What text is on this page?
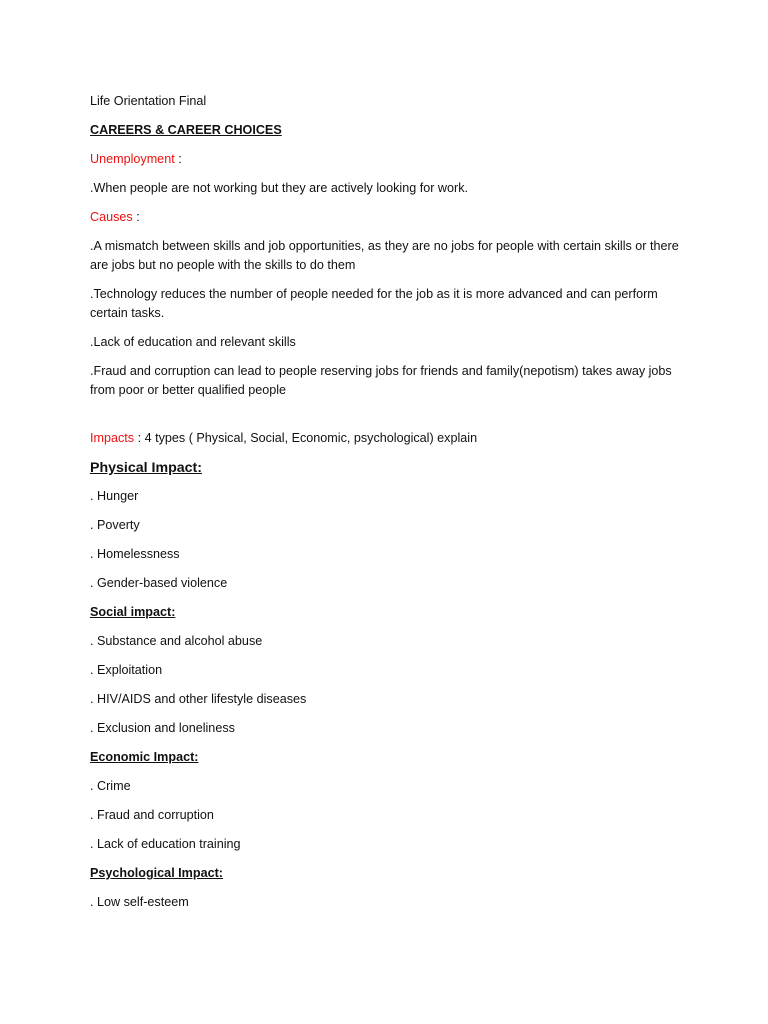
Life Orientation Final

CAREERS & CAREER CHOICES

Unemployment :

.When people are not working but they are actively looking for work.

Causes :

.A mismatch between skills and job opportunities, as they are no jobs for people with certain skills or there are jobs but no people with the skills to do them

.Technology reduces the number of people needed for the job as it is more advanced and can perform certain tasks.

.Lack of education and relevant skills

.Fraud and corruption can lead to people reserving jobs for friends and family(nepotism) takes away jobs from poor or better qualified people

Impacts : 4 types ( Physical, Social, Economic, psychological) explain

Physical Impact:

. Hunger

. Poverty

. Homelessness

. Gender-based violence

Social impact:

. Substance and alcohol abuse

. Exploitation

. HIV/AIDS and other lifestyle diseases

. Exclusion and loneliness

Economic Impact:

. Crime

. Fraud and corruption

. Lack of education training

Psychological Impact:

. Low self-esteem
